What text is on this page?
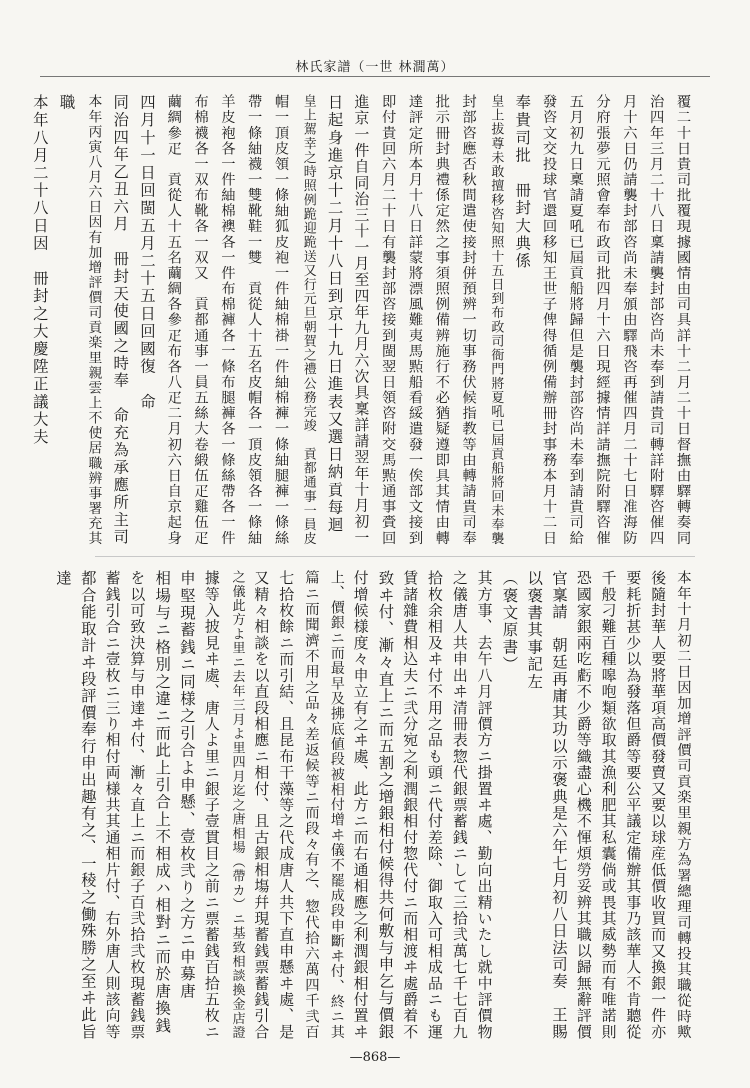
林氏家譜（一世 林㵎萬）
覆二十日貴司批覆現據國情由司具詳十二月二十日督撫由驛轉奏同
治四年三月二十八日稟請襲封部咨尚未奉到請貴司轉詳附驛咨催四
月十六日仍請襲封部咨尚未奉頒由驛飛咨再催四月二十七日准海防
分府張夢元照會奉布政司批四月十六日現經據情詳請撫院附驛咨催
五月初九日稟請夏吼已屆貢船將歸但是襲封部咨尚未奉到請貴司給
發咨文交投球官還回移知王世子俾得循例備辦冊封事務本月十二日
奉貴司批　冊封大典係
皇上拔尊未敢擅移咨知照十五日到布政司衙門將夏吼已屆貢船將回未奉襲
封部咨應否秋間遣使接封併預辨一切事務伏候指教等由轉請貴司奉
批示冊封典禮係定然之事須照例備辨施行不必猶疑遵即具其情由轉
達評定所本月十八日詳蒙將漂風難夷馬㸃船看綏遣發一俟部文接到
即付貴回六月二十日有襲封部咨接到閩翌日領咨附交馬㸃通事賫回
進京一件自同治三十一月至四年九月六次具稟詳請翌年十月初一
日起身進京十二月十八日到京十九日進表又選日納貢每迴
皇上駕幸之時照例跪迎跪送又行元旦朝賀之禮公務完竣　貢都通事一員皮
帽一頂皮領一條紬狐皮袍一件紬棉褂一件紬棉褲一條紬腿褲一條絲
帶一條紬襪一雙靴鞋一雙　貢從人十五名皮帽各一頂皮領各一條紬
羊皮袍各一件紬棉襖各一件布棉褲各一條布腿褲各一條絲帶各一件
布棉襪各一双布靴各一双又　貢都通事一員五絲大卷緞伍疋雞伍疋
繭綢參疋　貢從人十五名繭綢各參疋布各八疋二月初六日自京起身
四月十一日回閩五月二十五日回國復　命
同治四年乙丑六月　冊封天使國之時奉　命充為承應所主司
本年丙寅八月六日因有加增評價司貢楽里親雲上不使居職辨事署充其
職
本年八月二十八日因　冊封之大慶陞正議大夫
本年十月初二日因加增評價司貢楽里親方為署總理司轉投其職從時歟
後隨封華人要將華項高價發賣又要以球産低價收買而又換銀一件亦
要耗折甚少以為發落但爵等要公平議定備辦其事乃該華人不肯聽從
千般刁難百種嗥咆類欲取其漁利肥其私囊倘或畏其威勢而有唯諾則
恐國家銀兩吃虧不少爵等織盡心機不惲煩勞妥辨其職以歸無辭評價
官稟請　朝廷再庸其功以示褒典是六年七月初八日法司奏　王賜
以褒書其事記左
（褒文原書）
其方事、去午八月評價方ニ掛置ヰ處、勤向出精いたし就中評價物
之儀唐人共申出ヰ清冊表惣代銀票蓄銭ニして三拾弐萬七千七百九
拾枚余相及ヰ付不用之品も頭ニ代付差除、御取入可相成品ニも運
賃諸雜費相込夫ニ弐分宛之利潤銀相付惣代付ニ而相渡ヰ處爵着不
致ヰ付、漸々直上ニ而五割之增銀相付候得共何敷与申乞与價銀
付增候様度々申立有之ヰ處、此方ニ而右通相應之利潤銀相付置ヰ
上、價銀ニ而最早及拂底値段被相付增ヰ儀不罷成段申斷ヰ付、終ニ其
篇ニ而聞濟不用之品々差返候等ニ而段々有之、惣代拾六萬四千弐百
七拾枚餘ニ而引結、且昆布干藻等之代成唐人共下直申懸ヰ處、是
又精々相談を以直段相應ニ相付、且古銀相塲幷現蓄銭票蓄銭引合
之儀此方よ里ニ去年三月よ里四月迄之唐相場（帶カ）ニ基致相談換金店證
據等入披見ヰ處、唐人よ里ニ銀子壹貫目之前ニ票蓄銭百拾五枚ニ
申堅現蓄銭ニ同様之引合よ申懸、壹枚弐り之方ニ申募唐
相場与ニ格別之違ニ而此上引合上不相成ハ相對ニ而於唐換銭
を以可致決算与申達ヰ付、漸々直上ニ而銀子百弐拾弐枚現蓄銭票
蓄銭引合ニ壹枚ニ三り相付両様共其通相片付、右外唐人則該向等
都合能取計ヰ段評價奉行申出趣有之、一稜之働殊勝之至ヰ此旨
達
—868—
